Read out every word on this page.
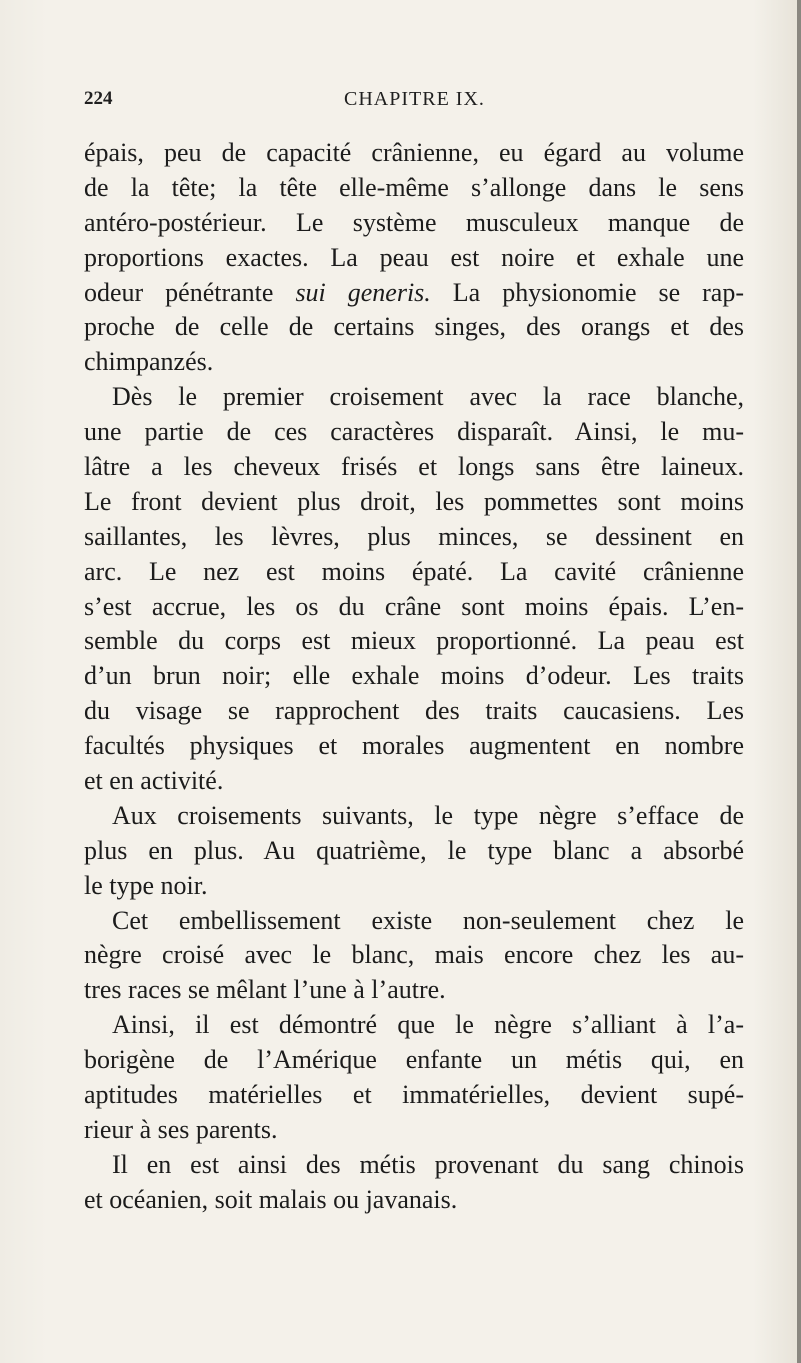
224	CHAPITRE IX.
épais, peu de capacité crânienne, eu égard au volume
de la tête; la tête elle-même s’allonge dans le sens
antéro-postérieur. Le système musculeux manque de
proportions exactes. La peau est noire et exhale une
odeur pénétrante sui generis. La physionomie se rap-
proche de celle de certains singes, des orangs et des
chimpanzés.
Dès le premier croisement avec la race blanche,
une partie de ces caractères disparaît. Ainsi, le mu-
lâtre a les cheveux frisés et longs sans être laineux.
Le front devient plus droit, les pommettes sont moins
saillantes, les lèvres, plus minces, se dessinent en
arc. Le nez est moins épaté. La cavité crânienne
s’est accrue, les os du crâne sont moins épais. L’en-
semble du corps est mieux proportionné. La peau est
d’un brun noir; elle exhale moins d’odeur. Les traits
du visage se rapprochent des traits caucasiens. Les
facultés physiques et morales augmentent en nombre
et en activité.
Aux croisements suivants, le type nègre s’efface de
plus en plus. Au quatrième, le type blanc a absorbé
le type noir.
Cet embellissement existe non-seulement chez le
nègre croisé avec le blanc, mais encore chez les au-
tres races se mêlant l’une à l’autre.
Ainsi, il est démontré que le nègre s’alliant à l’a-
borigène de l’Amérique enfante un métis qui, en
aptitudes matérielles et immatérielles, devient supé-
rieur à ses parents.
Il en est ainsi des métis provenant du sang chinois
et océanien, soit malais ou javanais.
